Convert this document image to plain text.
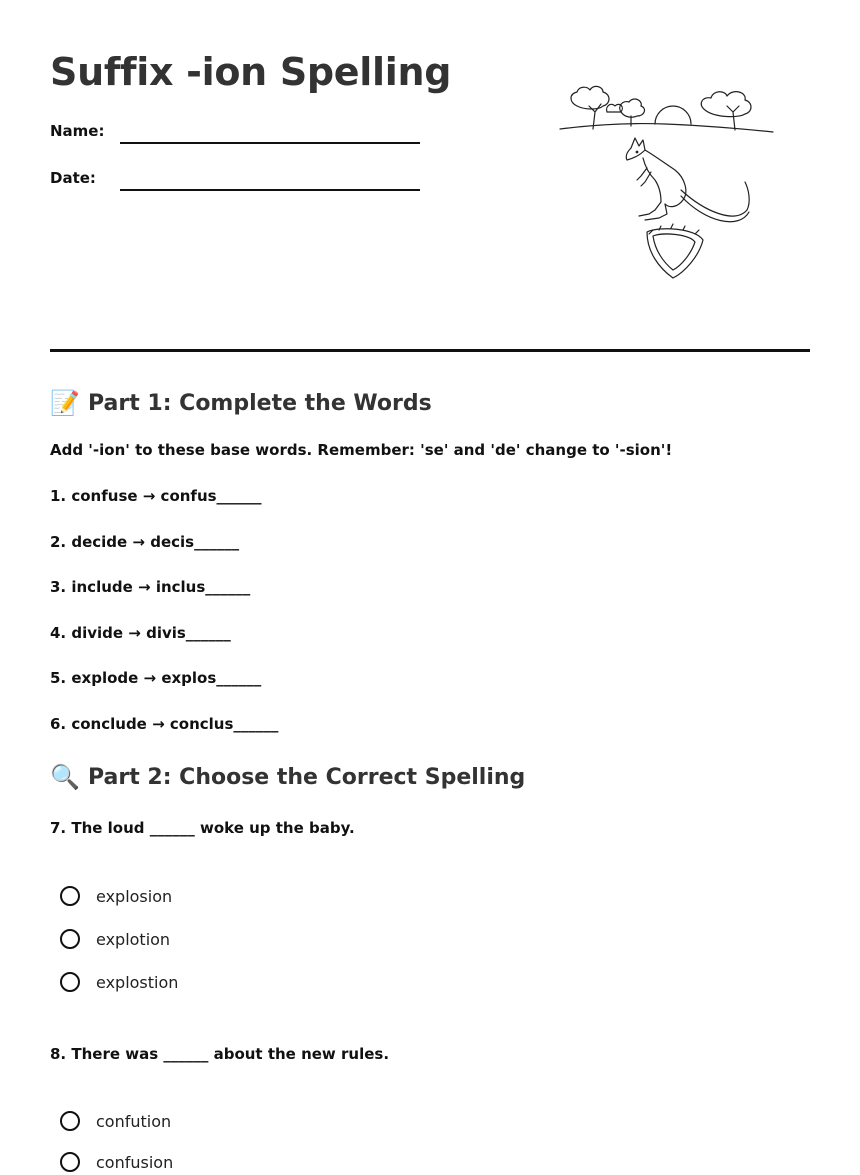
Suffix -ion Spelling
Name:
Date:
📝 Part 1: Complete the Words

Add '-ion' to these base words. Remember: 'se' and 'de' change to '-sion'!

1. confuse → confus______

2. decide → decis______

3. include → inclus______

4. divide → divis______

5. explode → explos______

6. conclude → conclus______

🔍 Part 2: Choose the Correct Spelling

7. The loud ______ woke up the baby.

explosion
explotion
explostion

8. There was ______ about the new rules.

confution
confusion
